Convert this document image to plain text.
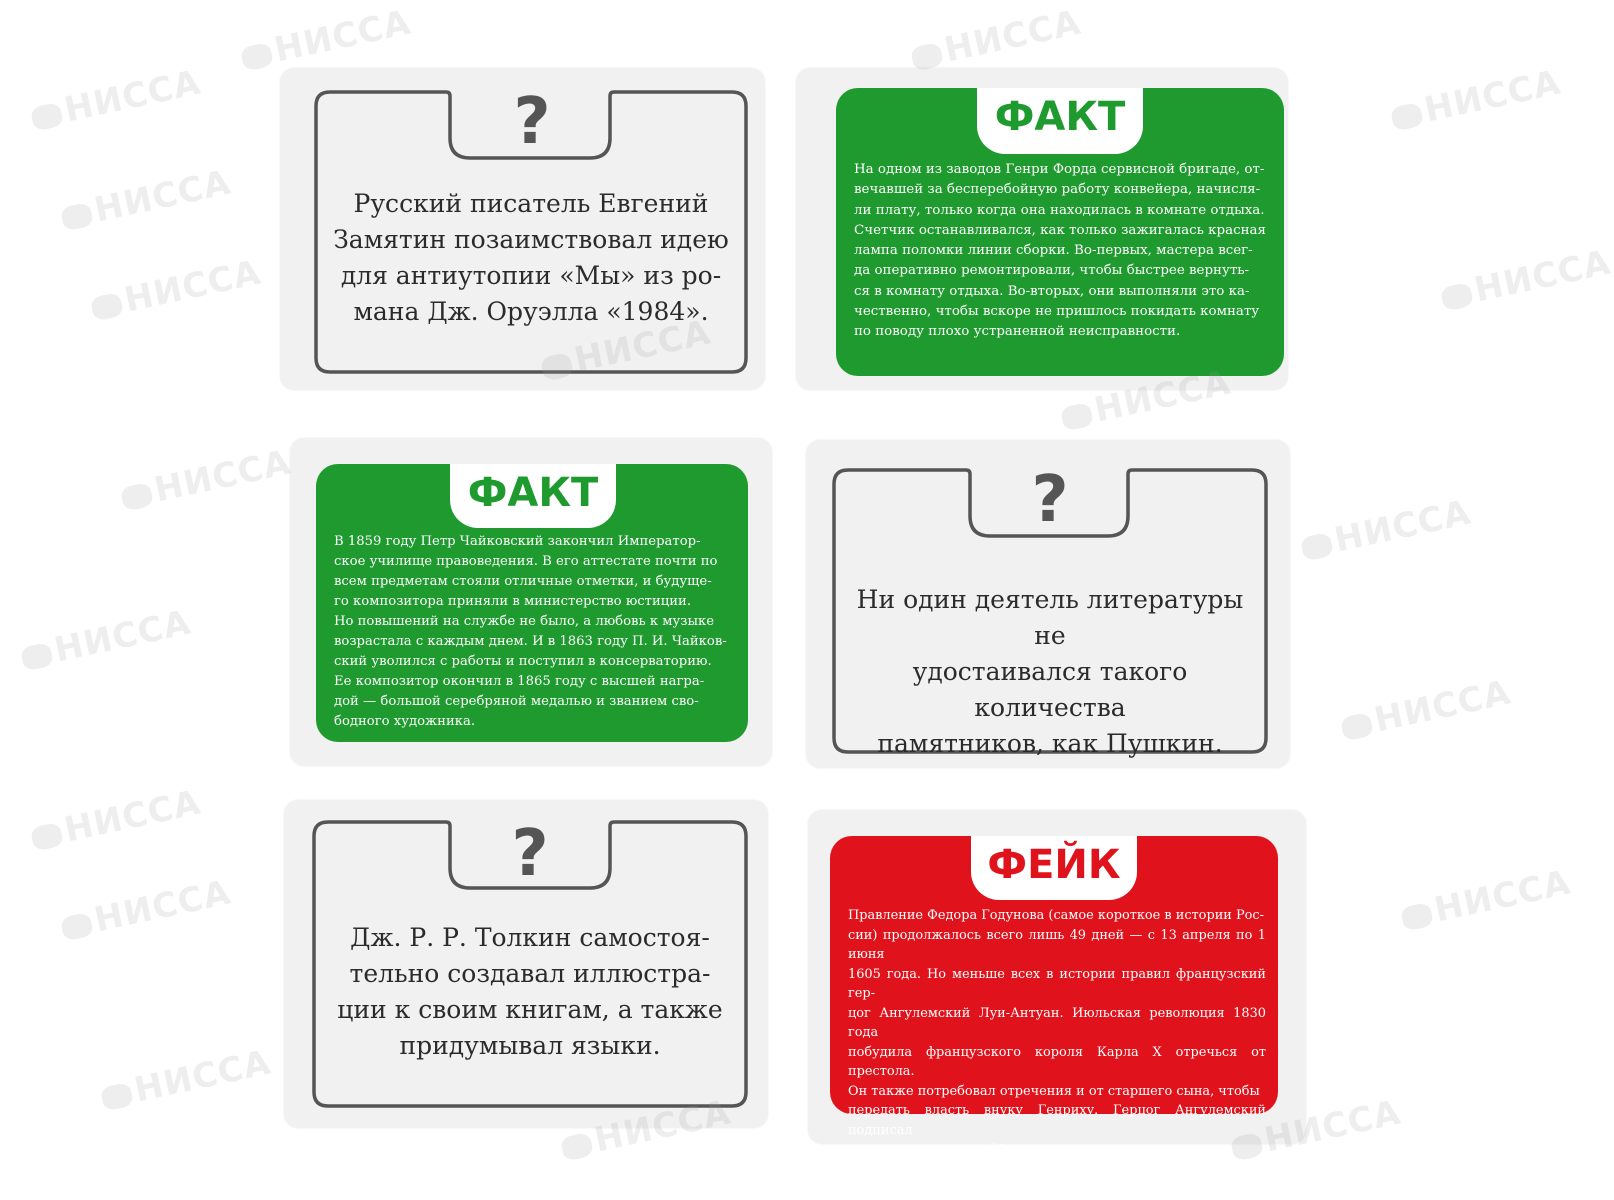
?
Русский писатель Евгений
Замятин позаимствовал идею
для антиутопии «Мы» из ро-
мана Дж. Оруэлла «1984».
ФАКТ
На одном из заводов Генри Форда сервисной бригаде, от-
вечавшей за бесперебойную работу конвейера, начисля-
ли плату, только когда она находилась в комнате отдыха.
Счетчик останавливался, как только зажигалась красная
лампа поломки линии сборки. Во-первых, мастера всег-
да оперативно ремонтировали, чтобы быстрее вернуть-
ся в комнату отдыха. Во-вторых, они выполняли это ка-
чественно, чтобы вскоре не пришлось покидать комнату
по поводу плохо устраненной неисправности.
ФАКТ
В 1859 году Петр Чайковский закончил Император-
ское училище правоведения. В его аттестате почти по
всем предметам стояли отличные отметки, и будуще-
го композитора приняли в министерство юстиции.
Но повышений на службе не было, а любовь к музыке
возрастала с каждым днем. И в 1863 году П. И. Чайков-
ский уволился с работы и поступил в консерваторию.
Ее композитор окончил в 1865 году с высшей награ-
дой — большой серебряной медалью и званием сво-
бодного художника.
?
Ни один деятель литературы не
удостаивался такого количества
памятников, как Пушкин.
?
Дж. Р. Р. Толкин самостоя-
тельно создавал иллюстра-
ции к своим книгам, а также
придумывал языки.
ФЕЙК
Правление Федора Годунова (самое короткое в истории Рос-
сии) продолжалось всего лишь 49 дней — с 13 апреля по 1 июня
1605 года. Но меньше всех в истории правил французский гер-
цог Ангулемский Луи-Антуан. Июльская революция 1830 года
побудила французского короля Карла X отречься от престола.
Он также потребовал отречения и от старшего сына, чтобы
передать власть внуку Генриху. Герцог Ангулемский подписал
отречение через 20 минут после коронации, но с формальной
точки зрения эти 20 минут он царствовал как Людовик XIX.
НИССА
НИССА
НИССА
НИССА
НИССА
НИССА	НИССА
НИССА
НИССА
НИССА
НИССА
НИССА
НИССА
НИССА	НИССА
НИССА
НИССА
